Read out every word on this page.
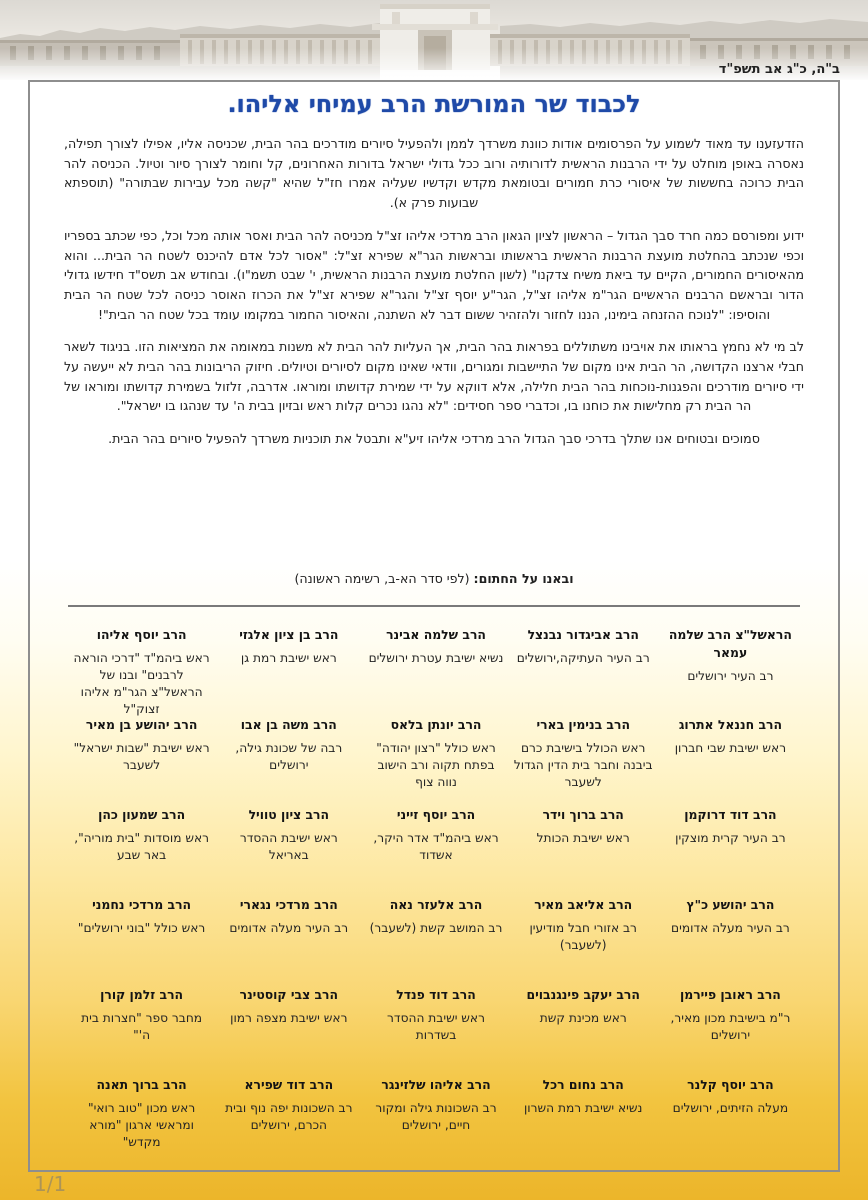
ב"ה, כ"ג אב תשפ"ד
לכבוד שר המורשת הרב עמיחי אליהו.

הזדעזענו עד מאוד לשמוע על הפרסומים אודות כוונת משרדך לממן ולהפעיל סיורים מודרכים בהר הבית, שכניסה אליו, אפילו לצורך תפילה, נאסרה באופן מוחלט על ידי הרבנות הראשית לדורותיה ורוב ככל גדולי ישראל בדורות האחרונים, קל וחומר לצורך סיור וטיול. הכניסה להר הבית כרוכה בחששות של איסורי כרת חמורים ובטומאת מקדש וקדשיו שעליה אמרו חז"ל שהיא "קשה מכל עבירות שבתורה" (תוספתא שבועות פרק א).

ידוע ומפורסם כמה חרד סבך הגדול – הראשון לציון הגאון הרב מרדכי אליהו זצ"ל מכניסה להר הבית ואסר אותה מכל וכל, כפי שכתב בספריו וכפי שנכתב בהחלטת מועצת הרבנות הראשית בראשותו ובראשות הגר"א שפירא זצ"ל: "אסור לכל אדם להיכנס לשטח הר הבית... והוא מהאיסורים החמורים, הקיים עד ביאת משיח צדקנו" (לשון החלטת מועצת הרבנות הראשית, י' שבט תשמ"ו). ובחודש אב תשס"ד חידשו גדולי הדור ובראשם הרבנים הראשיים הגר"מ אליהו זצ"ל, הגר"ע יוסף זצ"ל והגר"א שפירא זצ"ל את הכרוז האוסר כניסה לכל שטח הר הבית והוסיפו: "לנוכח ההזנחה בימינו, הננו לחזור ולהזהיר ששום דבר לא השתנה, והאיסור החמור במקומו עומד בכל שטח הר הבית"!

לב מי לא נחמץ בראותו את אויבינו משתוללים בפראות בהר הבית, אך העליות להר הבית לא משנות במאומה את המציאות הזו. בניגוד לשאר חבלי ארצנו הקדושה, הר הבית אינו מקום של התיישבות ומגורים, וודאי שאינו מקום לסיורים וטיולים. חיזוק הריבונות בהר הבית לא ייעשה על ידי סיורים מודרכים והפגנות-נוכחות בהר הבית חלילה, אלא דווקא על ידי שמירת קדושתו ומוראו. אדרבה, זלזול בשמירת קדושתו ומוראו של הר הבית רק מחלישות את כוחנו בו, וכדברי ספר חסידים: "לא נהגו נכרים קלות ראש ובזיון בבית ה' עד שנהגו בו ישראל".

סמוכים ובטוחים אנו שתלך בדרכי סבך הגדול הרב מרדכי אליהו זיע"א ותבטל את תוכניות משרדך להפעיל סיורים בהר הבית.

ובאנו על החתום: (לפי סדר הא-ב, רשימה ראשונה)
הראשל"צ הרב שלמה עמאר
רב העיר ירושלים
הרב אביגדור נבנצל
רב העיר העתיקה,ירושלים
הרב שלמה אבינר
נשיא ישיבת עטרת ירושלים
הרב בן ציון אלגזי
ראש ישיבת רמת גן
הרב יוסף אליהו
ראש ביהמ"ד "דרכי הוראה לרבנים" ובנו של הראשל"צ הגר"מ אליהו זצוק"ל
הרב חננאל אתרוג
ראש ישיבת שבי חברון
הרב בנימין בארי
ראש הכולל בישיבת כרם ביבנה וחבר בית הדין הגדול לשעבר
הרב יונתן בלאס
ראש כולל "רצון יהודה" בפתח תקוה ורב הישוב נווה צוף
הרב משה בן אבו
רבה של שכונת גילה, ירושלים
הרב יהושע בן מאיר
ראש ישיבת "שבות ישראל" לשעבר
הרב דוד דרוקמן
רב העיר קרית מוצקין
הרב ברוך וידר
ראש ישיבת הכותל
הרב יוסף זייני
ראש ביהמ"ד אדר היקר, אשדוד
הרב ציון טוויל
ראש ישיבת ההסדר באריאל
הרב שמעון כהן
ראש מוסדות "בית מוריה", באר שבע
הרב יהושע כ"ץ
רב העיר מעלה אדומים
הרב אליאב מאיר
רב אזורי חבל מודיעין (לשעבר)
הרב אלעזר נאה
רב המושב קשת (לשעבר)
הרב מרדכי נגארי
רב העיר מעלה אדומים
הרב מרדכי נחמני
ראש כולל "בוני ירושלים"
הרב ראובן פיירמן
ר"מ בישיבת מכון מאיר, ירושלים
הרב יעקב פינגנבוים
ראש מכינת קשת
הרב דוד פנדל
ראש ישיבת ההסדר בשדרות
הרב צבי קוסטינר
ראש ישיבת מצפה רמון
הרב זלמן קורן
מחבר ספר "חצרות בית ה'"
הרב יוסף קלנר
מעלה הזיתים, ירושלים
הרב נחום רכל
נשיא ישיבת רמת השרון
הרב אליהו שלזינגר
רב השכונות גילה ומקור חיים, ירושלים
הרב דוד שפירא
רב השכונות יפה נוף ובית הכרם, ירושלים
הרב ברוך תאנה
ראש מכון "טוב רואי" ומראשי ארגון "מורא מקדש"
1/1
